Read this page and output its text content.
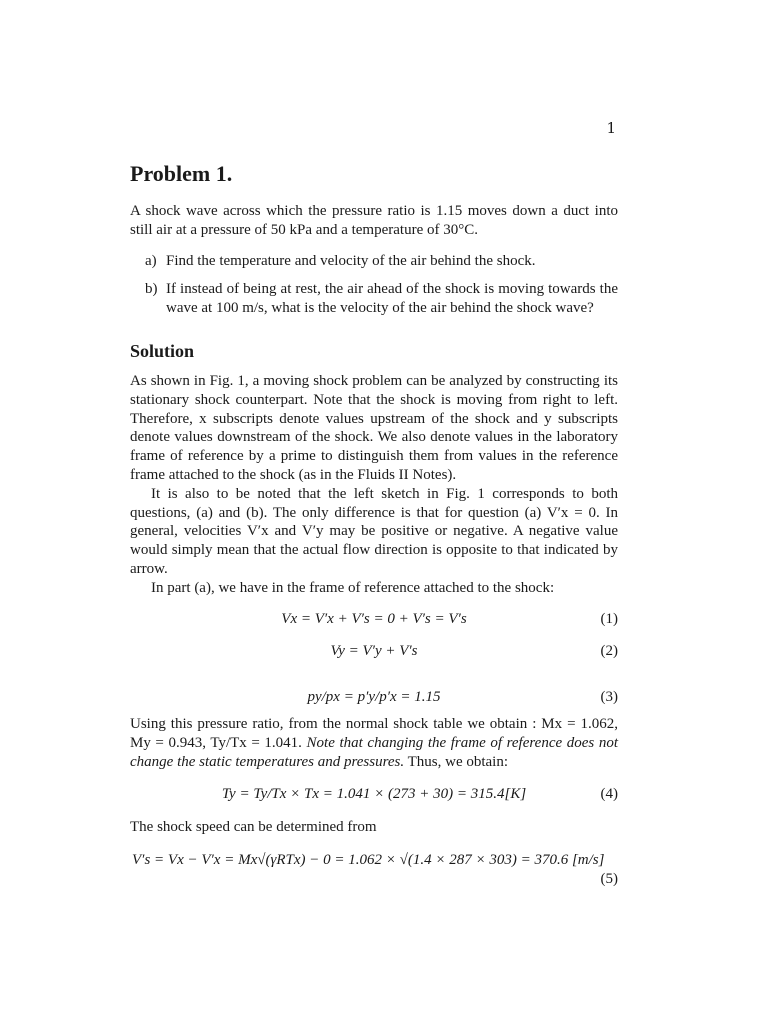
1
Problem 1.

A shock wave across which the pressure ratio is 1.15 moves down a duct into still air at a pressure of 50 kPa and a temperature of 30°C.

a) Find the temperature and velocity of the air behind the shock.
b) If instead of being at rest, the air ahead of the shock is moving towards the wave at 100 m/s, what is the velocity of the air behind the shock wave?
Solution

As shown in Fig. 1, a moving shock problem can be analyzed by constructing its stationary shock counterpart. Note that the shock is moving from right to left. Therefore, x subscripts denote values upstream of the shock and y subscripts denote values downstream of the shock. We also denote values in the laboratory frame of reference by a prime to distinguish them from values in the reference frame attached to the shock (as in the Fluids II Notes).

It is also to be noted that the left sketch in Fig. 1 corresponds to both questions, (a) and (b). The only difference is that for question (a) V′x = 0. In general, velocities V′x and V′y may be positive or negative. A negative value would simply mean that the actual flow direction is opposite to that indicated by arrow.

In part (a), we have in the frame of reference attached to the shock:

Vx = V′x + V′s = 0 + V′s = V′s	(1)
Vy = V′y + V′s	(2)
py/px = p′y/p′x = 1.15	(3)

Using this pressure ratio, from the normal shock table we obtain : Mx = 1.062, My = 0.943, Ty/Tx = 1.041. Note that changing the frame of reference does not change the static temperatures and pressures. Thus, we obtain:

Ty = Ty/Tx × Tx = 1.041 × (273 + 30) = 315.4[K]	(4)

The shock speed can be determined from

V′s = Vx − V′x = Mx√(γRTx) − 0 = 1.062 × √(1.4 × 287 × 303) = 370.6 [m/s]
(5)
